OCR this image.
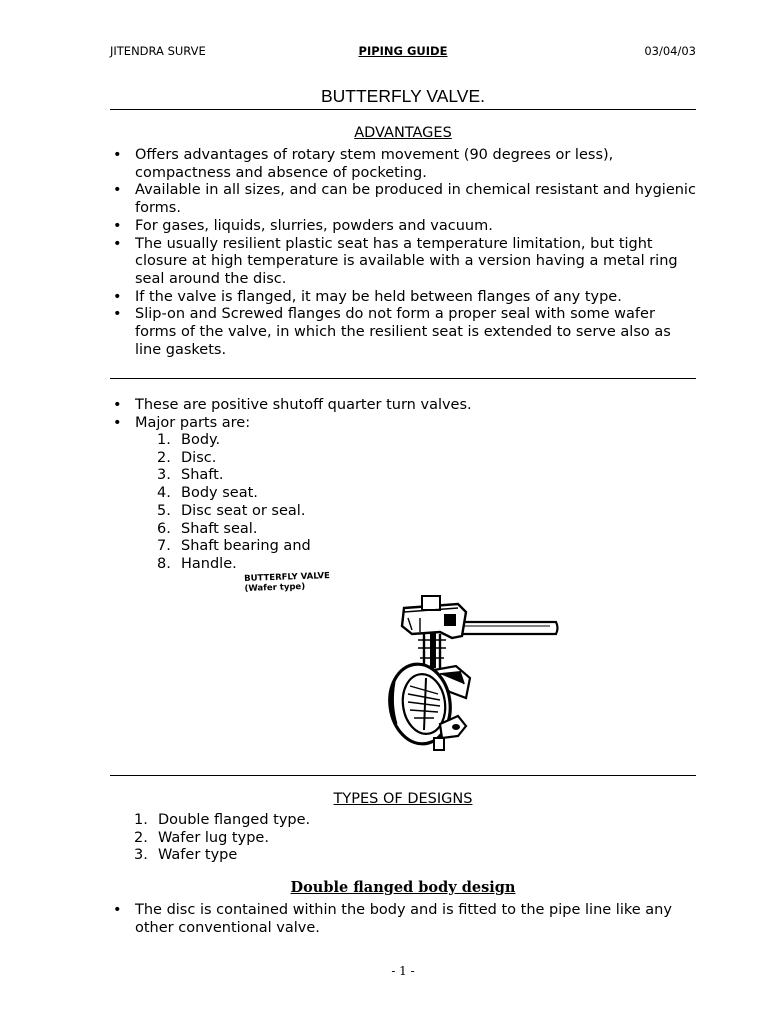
JITENDRA SURVE	PIPING GUIDE	03/04/03
BUTTERFLY VALVE.
ADVANTAGES
• Offers advantages of rotary stem movement (90 degrees or less), compactness and absence of pocketing.
• Available in all sizes, and can be produced in chemical resistant and hygienic forms.
• For gases, liquids, slurries, powders and vacuum.
• The usually resilient plastic seat has a temperature limitation, but tight closure at high temperature is available with a version having a metal ring seal around the disc.
• If the valve is flanged, it may be held between flanges of any type.
• Slip-on and Screwed flanges do not form a proper seal with some wafer forms of the valve, in which the resilient seat is extended to serve also as line gaskets.
• These are positive shutoff quarter turn valves.
• Major parts are:
1. Body.
2. Disc.
3. Shaft.
4. Body seat.
5. Disc seat or seal.
6. Shaft seal.
7. Shaft bearing and
8. Handle.
BUTTERFLY VALVE
(Wafer type)
TYPES OF DESIGNS
1. Double flanged type.
2. Wafer lug type.
3. Wafer type
Double flanged body design
• The disc is contained within the body and is fitted to the pipe line like any other conventional valve.
- 1 -
